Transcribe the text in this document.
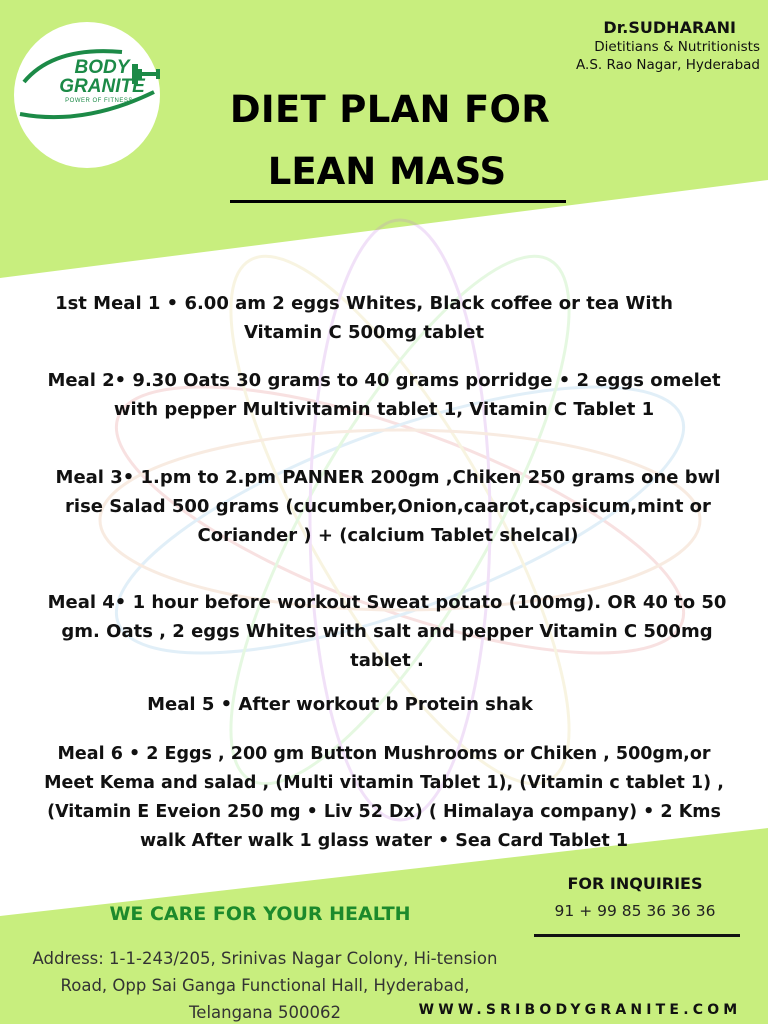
BODY
GRANITE
POWER OF FITNESS
Dr.SUDHARANI
Dietitians & Nutritionists
A.S. Rao Nagar, Hyderabad
DIET PLAN FOR
LEAN MASS
1st Meal 1 • 6.00 am 2 eggs Whites, Black coffee or tea With
Vitamin C 500mg tablet
Meal 2• 9.30 Oats 30 grams to 40 grams porridge • 2 eggs omelet
with pepper Multivitamin tablet 1, Vitamin C Tablet 1
Meal 3• 1.pm to 2.pm PANNER 200gm ,Chiken 250 grams one bwl
rise Salad 500 grams (cucumber,Onion,caarot,capsicum,mint or
Coriander ) + (calcium Tablet shelcal)
Meal 4• 1 hour before workout Sweat potato (100mg). OR 40 to 50
gm. Oats , 2 eggs Whites with salt and pepper Vitamin C 500mg
tablet .
Meal 5 • After workout b Protein shak
Meal 6 • 2 Eggs , 200 gm Button Mushrooms or Chiken , 500gm,or
Meet Kema and salad , (Multi vitamin Tablet 1), (Vitamin c tablet 1) ,
(Vitamin E Eveion 250 mg • Liv 52 Dx) ( Himalaya company) • 2 Kms
walk After walk 1 glass water • Sea Card Tablet 1
WE CARE FOR YOUR HEALTH
Address: 1-1-243/205, Srinivas Nagar Colony, Hi-tension
Road, Opp Sai Ganga Functional Hall, Hyderabad,
Telangana 500062
FOR INQUIRIES
91 + 99 85 36 36 36
WWW.SRIBODYGRANITE.COM
